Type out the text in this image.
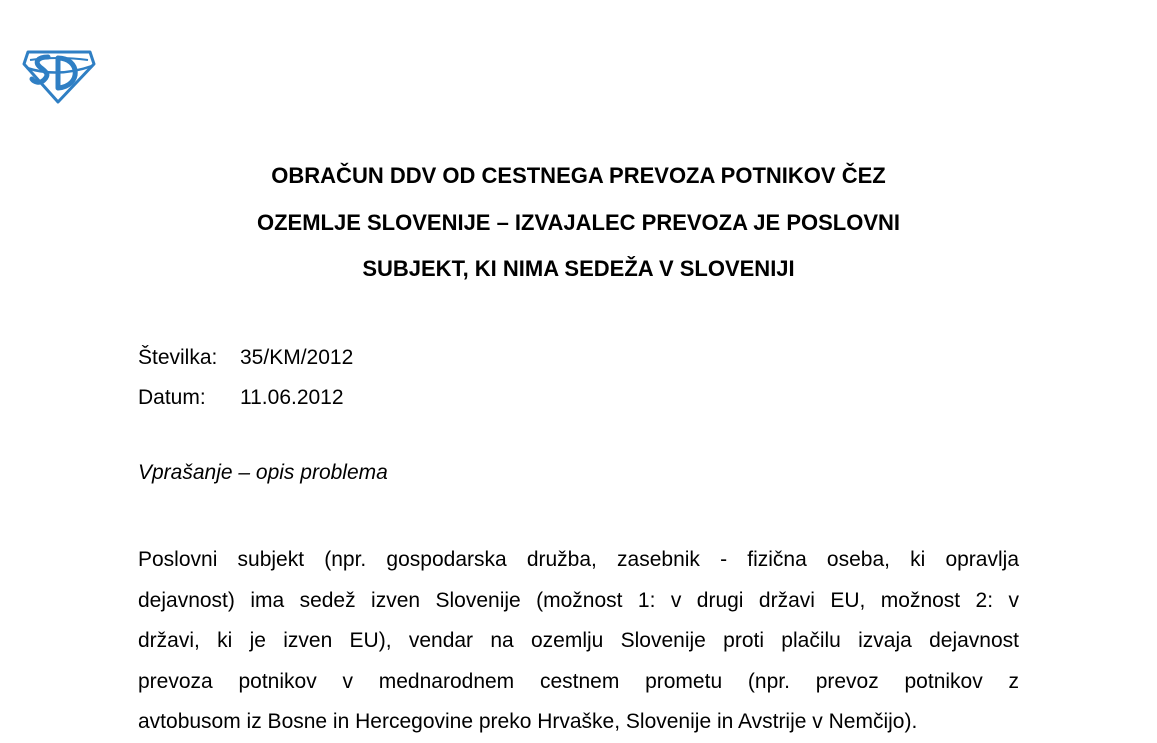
OBRAČUN DDV OD CESTNEGA PREVOZA POTNIKOV ČEZ
OZEMLJE SLOVENIJE – IZVAJALEC PREVOZA JE POSLOVNI
SUBJEKT, KI NIMA SEDEŽA V SLOVENIJI
Številka: 35/KM/2012
Datum: 11.06.2012
Vprašanje – opis problema
Poslovni subjekt (npr. gospodarska družba, zasebnik - fizična oseba, ki opravlja
dejavnost) ima sedež izven Slovenije (možnost 1: v drugi državi EU, možnost 2: v
državi, ki je izven EU), vendar na ozemlju Slovenije proti plačilu izvaja dejavnost
prevoza potnikov v mednarodnem cestnem prometu (npr. prevoz potnikov z
avtobusom iz Bosne in Hercegovine preko Hrvaške, Slovenije in Avstrije v Nemčijo).
